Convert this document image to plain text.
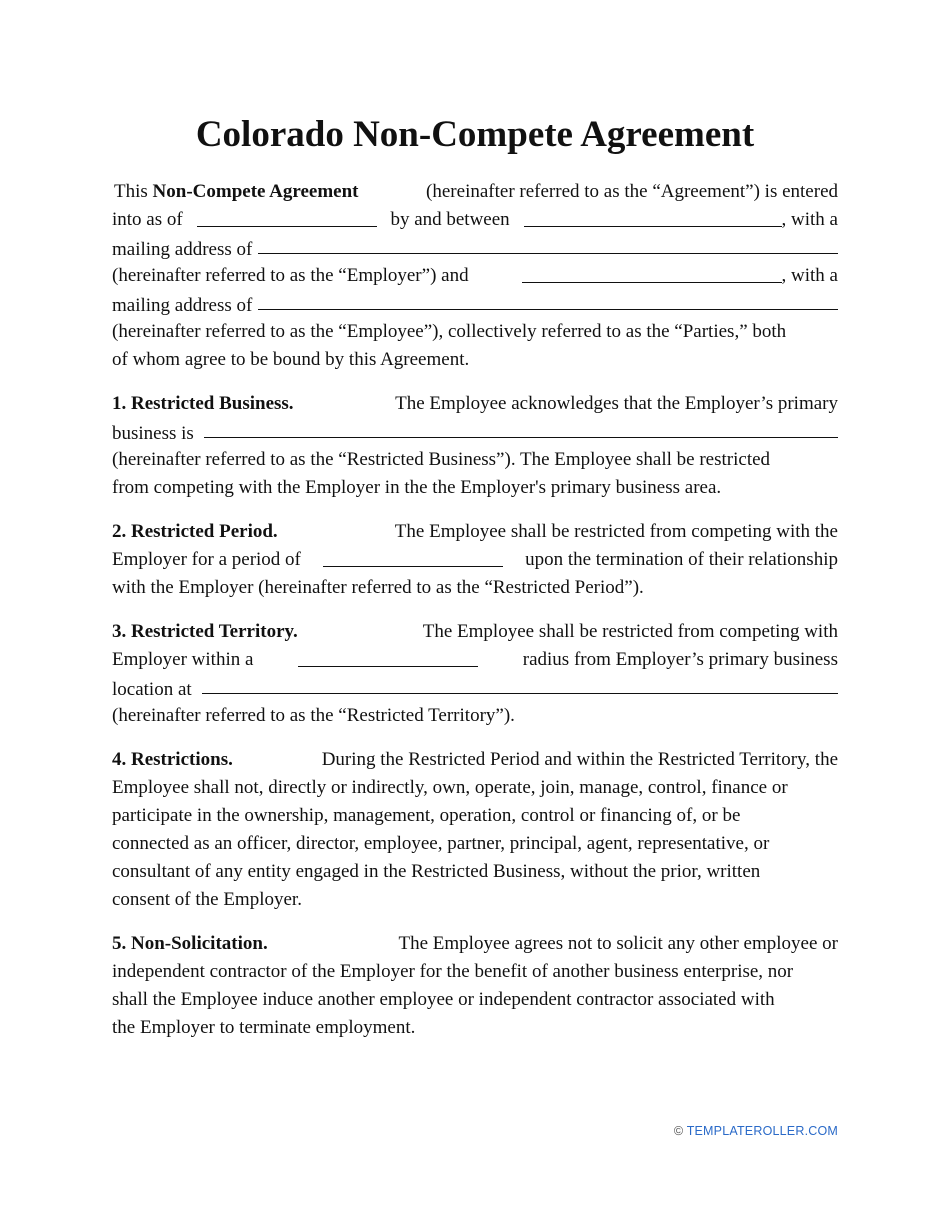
Colorado Non-Compete Agreement
This Non-Compete Agreement	(hereinafter referred to as the “Agreement”) is entered
into as of	by and between	, with a
mailing address of
(hereinafter referred to as the “Employer”) and	, with a
mailing address of
(hereinafter referred to as the “Employee”), collectively referred to as the “Parties,” both
of whom agree to be bound by this Agreement.
1. Restricted Business.	The Employee acknowledges that the Employer’s primary
business is
(hereinafter referred to as the “Restricted Business”). The Employee shall be restricted
from competing with the Employer in the the Employer's primary business area.
2. Restricted Period.	The Employee shall be restricted from competing with the
Employer for a period of	upon the termination of their relationship
with the Employer (hereinafter referred to as the “Restricted Period”).
3. Restricted Territory.	The Employee shall be restricted from competing with
Employer within a	radius from Employer’s primary business
location at
(hereinafter referred to as the “Restricted Territory”).
4. Restrictions.	During the Restricted Period and within the Restricted Territory, the
Employee shall not, directly or indirectly, own, operate, join, manage, control, finance or
participate in the ownership, management, operation, control or financing of, or be
connected as an officer, director, employee, partner, principal, agent, representative, or
consultant of any entity engaged in the Restricted Business, without the prior, written
consent of the Employer.
5. Non-Solicitation.	The Employee agrees not to solicit any other employee or
independent contractor of the Employer for the benefit of another business enterprise, nor
shall the Employee induce another employee or independent contractor associated with
the Employer to terminate employment.
© TEMPLATEROLLER.COM
